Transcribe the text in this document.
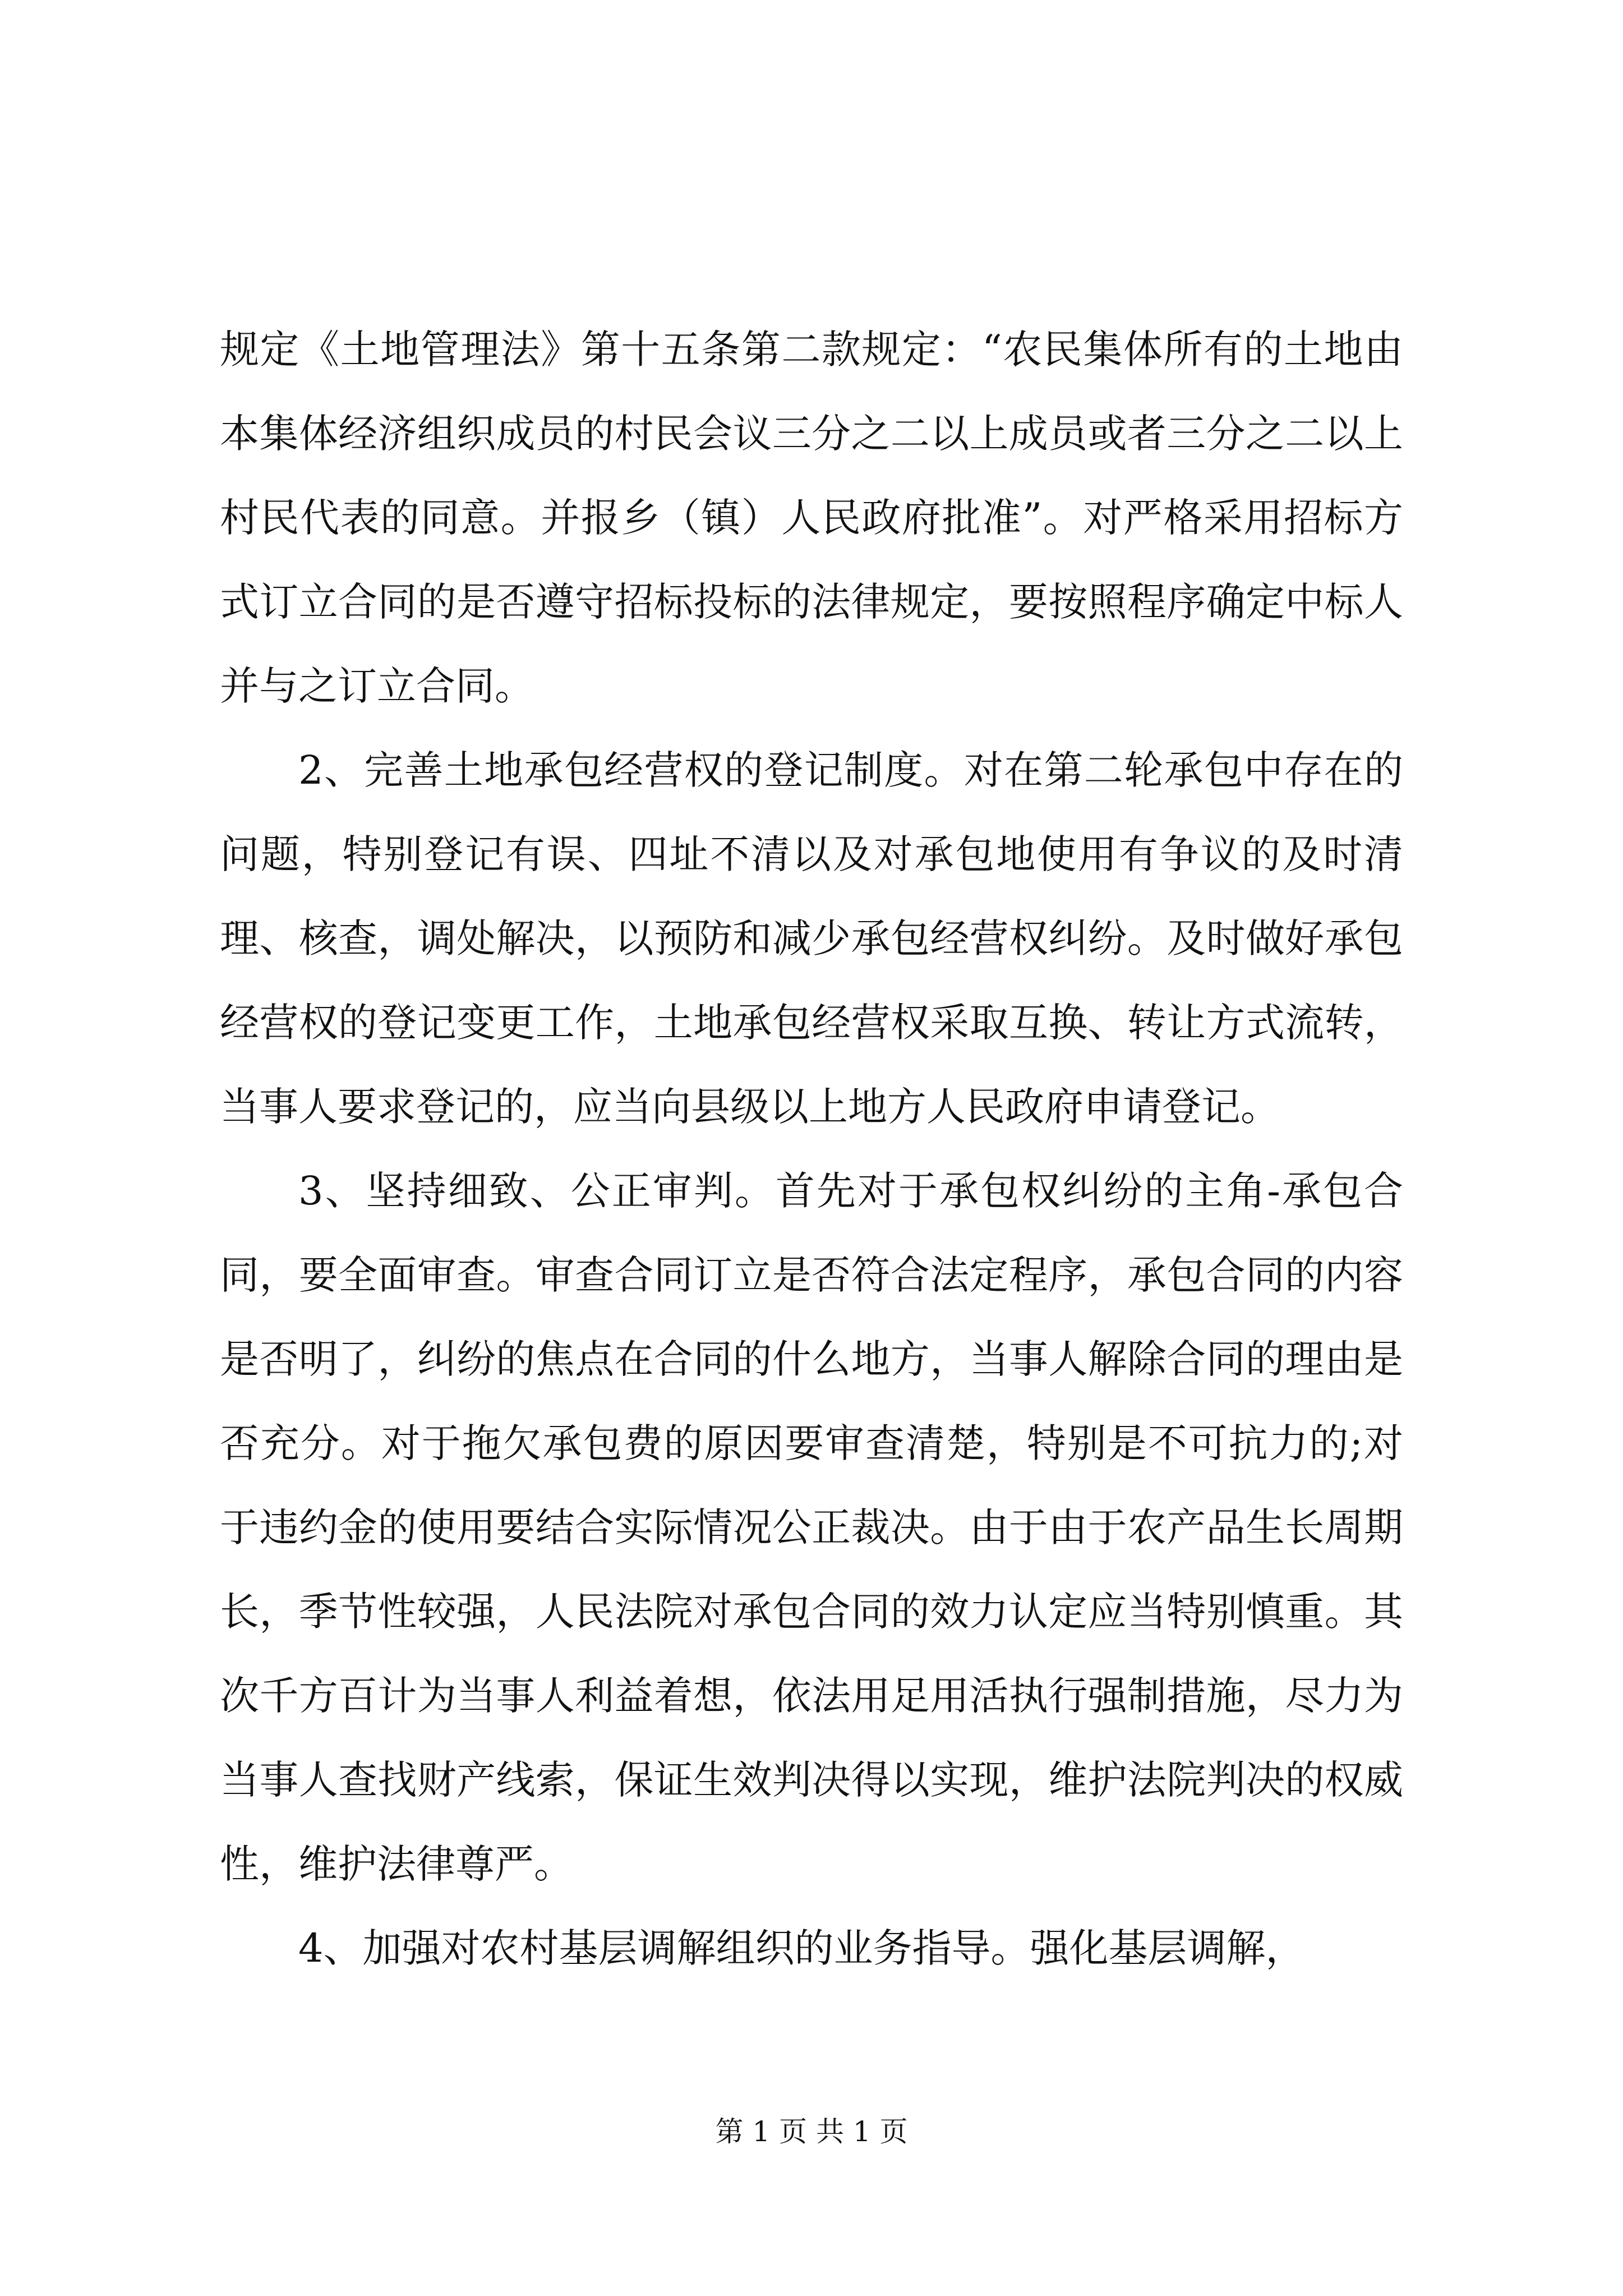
规定《土地管理法》第十五条第二款规定：“农民集体所有的土地由本集体经济组织成员的村民会议三分之二以上成员或者三分之二以上村民代表的同意。并报乡（镇）人民政府批准”。对严格采用招标方式订立合同的是否遵守招标投标的法律规定，要按照程序确定中标人并与之订立合同。

2、完善土地承包经营权的登记制度。对在第二轮承包中存在的问题，特别登记有误、四址不清以及对承包地使用有争议的及时清理、核查，调处解决，以预防和减少承包经营权纠纷。及时做好承包经营权的登记变更工作，土地承包经营权采取互换、转让方式流转，当事人要求登记的，应当向县级以上地方人民政府申请登记。

3、坚持细致、公正审判。首先对于承包权纠纷的主角-承包合同，要全面审查。审查合同订立是否符合法定程序，承包合同的内容是否明了，纠纷的焦点在合同的什么地方，当事人解除合同的理由是否充分。对于拖欠承包费的原因要审查清楚，特别是不可抗力的;对于违约金的使用要结合实际情况公正裁决。由于由于农产品生长周期长，季节性较强，人民法院对承包合同的效力认定应当特别慎重。其次千方百计为当事人利益着想，依法用足用活执行强制措施，尽力为当事人查找财产线索，保证生效判决得以实现，维护法院判决的权威性，维护法律尊严。

4、加强对农村基层调解组织的业务指导。强化基层调解，

第 1 页 共 1 页
